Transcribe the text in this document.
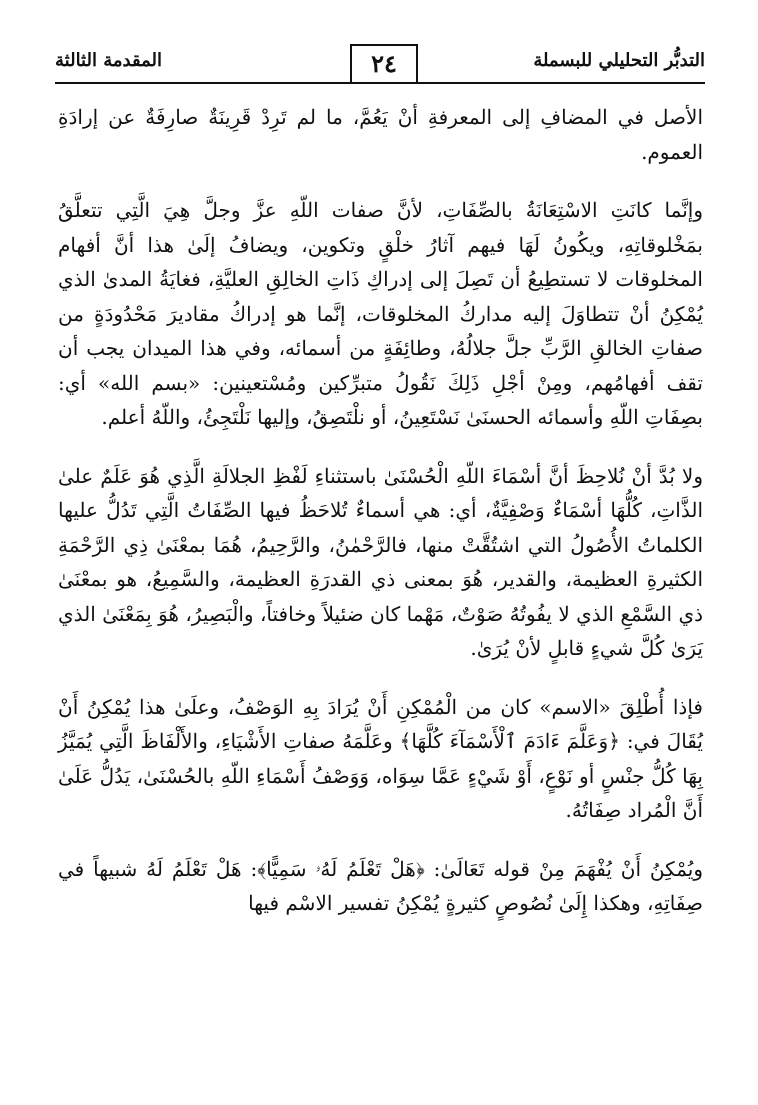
التدبُّر التحليلي للبسملة
٢٤
المقدمة الثالثة

الأصل في المضافِ إلى المعرفةِ أنْ يَعُمَّ، ما لم تَرِدْ قَرِينَةٌ صارِفَةٌ عن إرادَةِ العموم.

وإنَّما كانَتِ الاسْتِعَانَةُ بالصِّفَاتِ، لأنَّ صفات اللّهِ عزَّ وجلَّ هِيَ الَّتِي تتعلَّقُ بمَخْلوقاتِهِ، ويكُونُ لَهَا فيهم آثارُ خلْقٍ وتكوين، ويضافُ إلَىٰ هذا أنَّ أفهام المخلوقات لا تستطِيعُ أن تَصِلَ إلى إدراكِ ذَاتِ الخالِقِ العليَّةِ، فغايَةُ المدىٰ الذي يُمْكِنُ أنْ تتطاوَلَ إليه مداركُ المخلوقات، إنَّما هو إدراكُ مقاديرَ مَحْدُودَةٍ من صفاتِ الخالقِ الرَّبِّ جلَّ جلالُهُ، وطائِفَةٍ من أسمائه، وفي هذا الميدان يجب أن تقف أفهامُهم، ومِنْ أجْلِ ذَلِكَ نَقُولُ متبرِّكين ومُسْتعينين: «بسم الله» أي: بصِفَاتِ اللّهِ وأسمائه الحسنَىٰ نَسْتَعِينُ، أو نلْتَصِقُ، وإليها نَلْتَجِئُ، واللّهُ أعلم.

ولا بُدَّ أنْ نُلاحِظَ أنَّ أسْمَاءَ اللّهِ الْحُسْنَىٰ باستثناءِ لَفْظِ الجلالَةِ الَّذِي هُوَ عَلَمٌ علىٰ الذَّاتِ، كُلُّهَا أسْمَاءٌ وَصْفِيَّةٌ، أي: هي أسماءٌ تُلاحَظُ فيها الصِّفَاتُ الَّتِي تَدُلُّ عليها الكلماتُ الأُصُولُ التي اشتُقَّتْ منها، فالرَّحْمٰنُ، والرَّحِيمُ، هُمَا بمعْنَىٰ ذِي الرَّحْمَةِ الكثيرةِ العظيمة، والقدير، هُوَ بمعنى ذي القدرَةِ العظيمة، والسَّمِيعُ، هو بمعْنَىٰ ذي السَّمْعِ الذي لا يفُوتُهُ صَوْتٌ، مَهْما كان ضئيلاً وخافتاً، والْبَصِيرُ، هُوَ بِمَعْنَىٰ الذي يَرَىٰ كُلَّ شيءٍ قابلٍ لأنْ يُرَىٰ.

فإذا أُطْلِقَ «الاسم» كان من الْمُمْكِنِ أَنْ يُرَادَ بِهِ الوَصْفُ، وعلَىٰ هذا يُمْكِنُ أَنْ يُقَالَ في: ﴿وَعَلَّمَ ءَادَمَ ٱلْأَسْمَآءَ كُلَّهَا﴾ وعَلَّمَهُ صفاتِ الأَشْيَاءِ، والأَلْفَاظَ الَّتِي يُمَيَّزُ بِهَا كُلُّ جنْسٍ أو نَوْعٍ، أَوْ شَيْءٍ عَمَّا سِوَاه، وَوَصْفُ أَسْمَاءِ اللّهِ بالحُسْنَىٰ، يَدُلُّ عَلَىٰ أَنَّ الْمُراد صِفَاتُهُ.

ويُمْكِنُ أَنْ يُفْهَمَ مِنْ قوله تَعَالَىٰ: ﴿هَلْ تَعْلَمُ لَهُۥ سَمِيًّا﴾: هَلْ تَعْلَمُ لَهُ شبيهاً في صِفَاتِهِ، وهكذا إِلَىٰ نُصُوصٍ كثيرةٍ يُمْكِنُ تفسير الاسْم فيها
